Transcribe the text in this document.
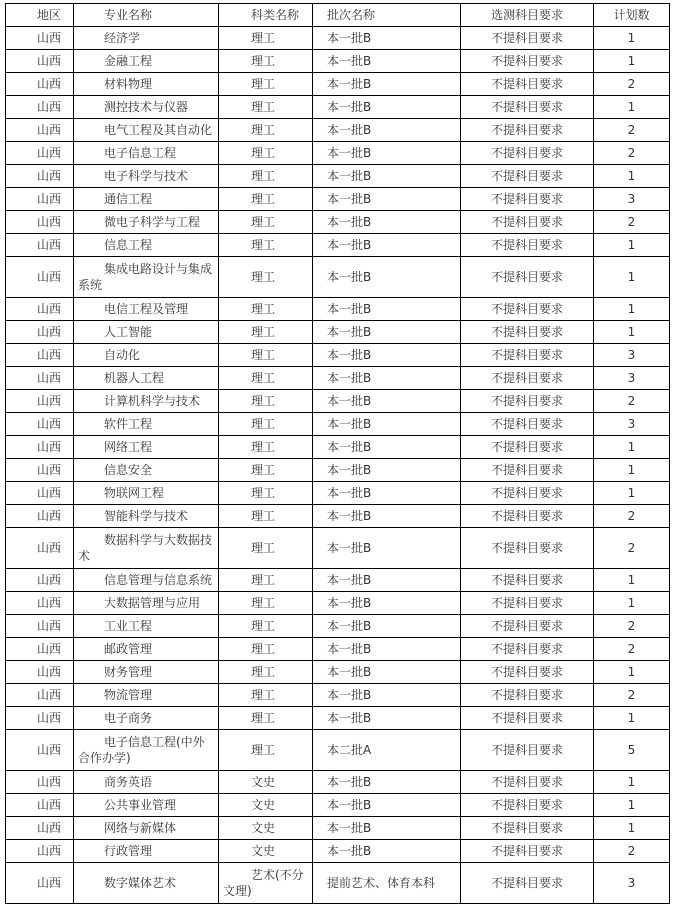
地区	专业名称	科类名称	批次名称	选测科目要求	计划数
山西	经济学	理工	本一批B	不提科目要求	1
山西	金融工程	理工	本一批B	不提科目要求	1
山西	材料物理	理工	本一批B	不提科目要求	2
山西	测控技术与仪器	理工	本一批B	不提科目要求	1
山西	电气工程及其自动化	理工	本一批B	不提科目要求	2
山西	电子信息工程	理工	本一批B	不提科目要求	2
山西	电子科学与技术	理工	本一批B	不提科目要求	1
山西	通信工程	理工	本一批B	不提科目要求	3
山西	微电子科学与工程	理工	本一批B	不提科目要求	2
山西	信息工程	理工	本一批B	不提科目要求	1
山西	集成电路设计与集成系统	理工	本一批B	不提科目要求	1
山西	电信工程及管理	理工	本一批B	不提科目要求	1
山西	人工智能	理工	本一批B	不提科目要求	1
山西	自动化	理工	本一批B	不提科目要求	3
山西	机器人工程	理工	本一批B	不提科目要求	3
山西	计算机科学与技术	理工	本一批B	不提科目要求	2
山西	软件工程	理工	本一批B	不提科目要求	3
山西	网络工程	理工	本一批B	不提科目要求	1
山西	信息安全	理工	本一批B	不提科目要求	1
山西	物联网工程	理工	本一批B	不提科目要求	1
山西	智能科学与技术	理工	本一批B	不提科目要求	2
山西	数据科学与大数据技术	理工	本一批B	不提科目要求	2
山西	信息管理与信息系统	理工	本一批B	不提科目要求	1
山西	大数据管理与应用	理工	本一批B	不提科目要求	1
山西	工业工程	理工	本一批B	不提科目要求	2
山西	邮政管理	理工	本一批B	不提科目要求	2
山西	财务管理	理工	本一批B	不提科目要求	1
山西	物流管理	理工	本一批B	不提科目要求	2
山西	电子商务	理工	本一批B	不提科目要求	1
山西	电子信息工程(中外合作办学)	理工	本二批A	不提科目要求	5
山西	商务英语	文史	本一批B	不提科目要求	1
山西	公共事业管理	文史	本一批B	不提科目要求	1
山西	网络与新媒体	文史	本一批B	不提科目要求	1
山西	行政管理	文史	本一批B	不提科目要求	2
山西	数字媒体艺术	艺术(不分文理)	提前艺术、体育本科	不提科目要求	3
